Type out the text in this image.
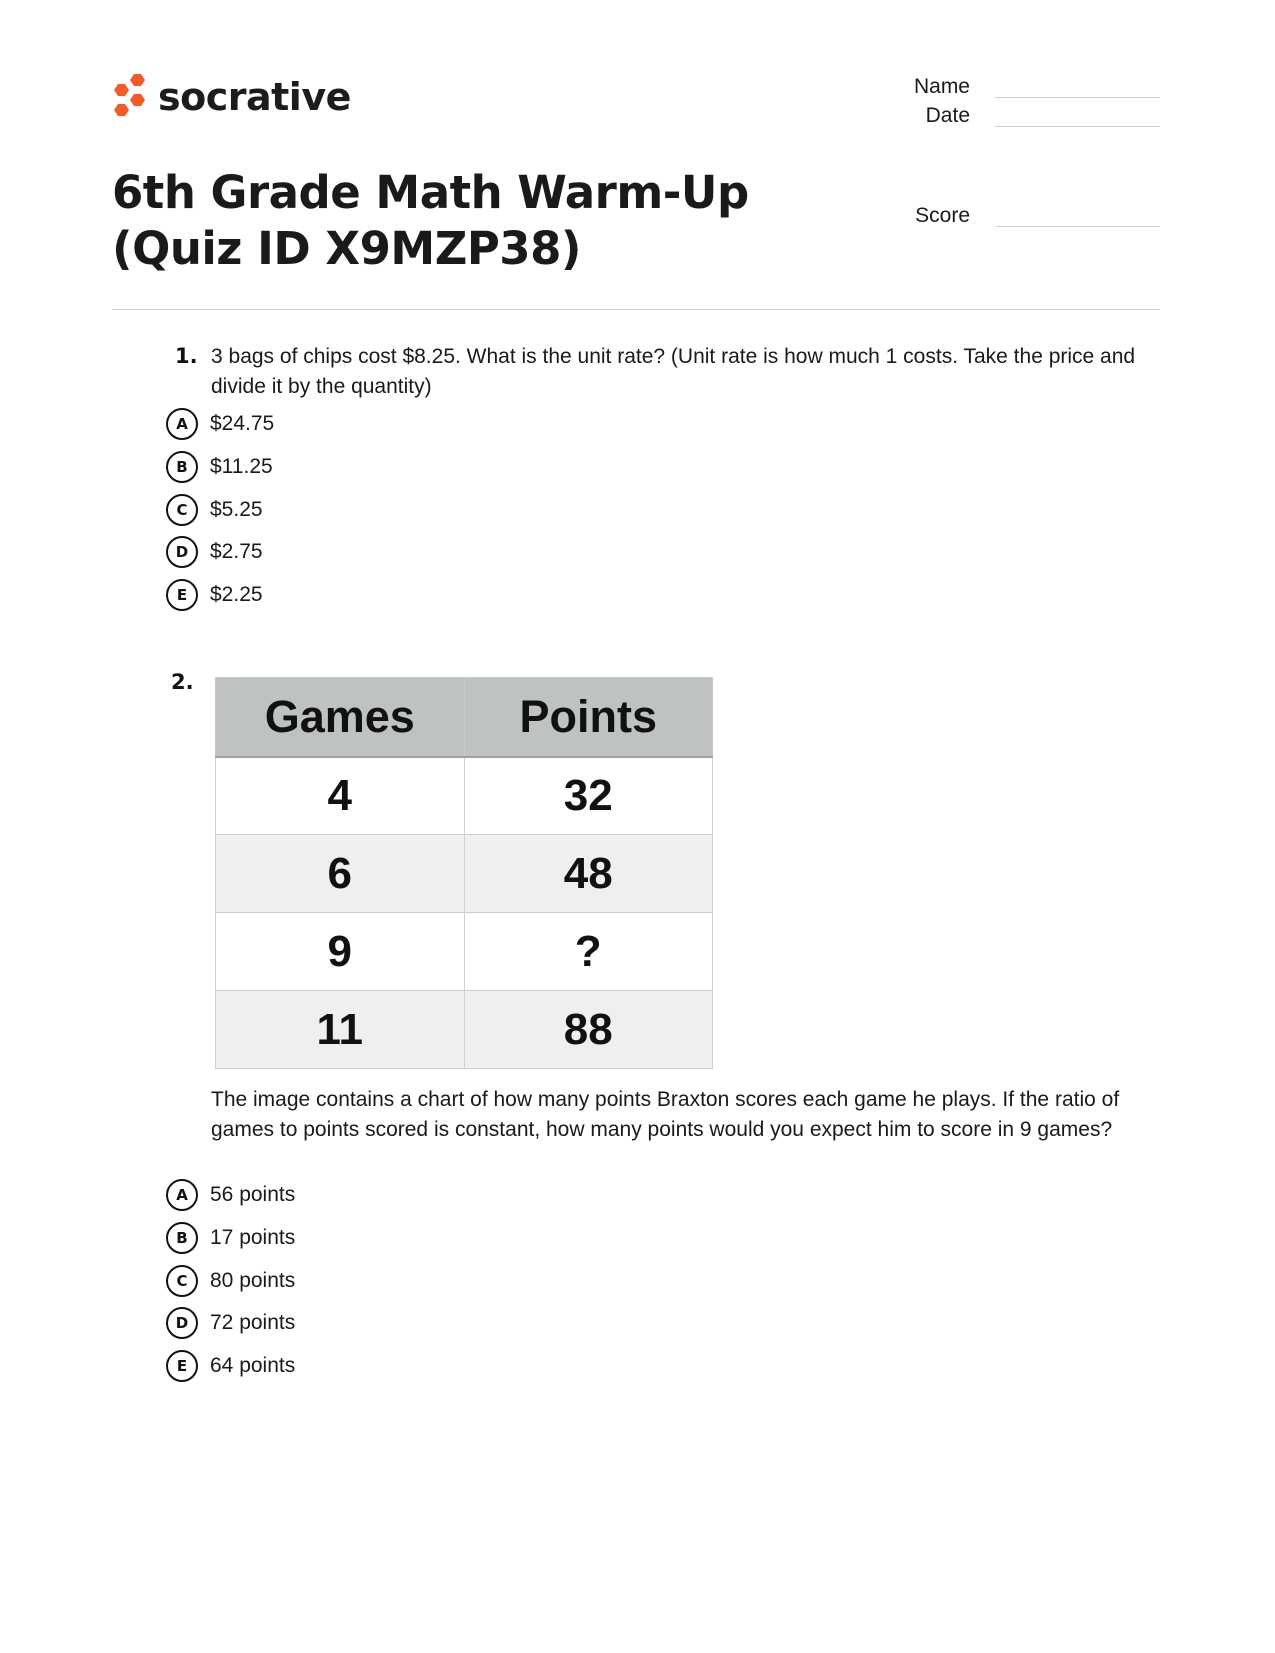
socrative	Name
Date
Score
6th Grade Math Warm-Up (Quiz ID X9MZP38)
1. 3 bags of chips cost $8.25. What is the unit rate? (Unit rate is how much 1 costs. Take the price and divide it by the quantity)
A	$24.75
B	$11.25
C	$5.25
D	$2.75
E	$2.25
2.
Games	Points
4	32
6	48
9	?
11	88
The image contains a chart of how many points Braxton scores each game he plays. If the ratio of games to points scored is constant, how many points would you expect him to score in 9 games?
A	56 points
B	17 points
C	80 points
D	72 points
E	64 points
